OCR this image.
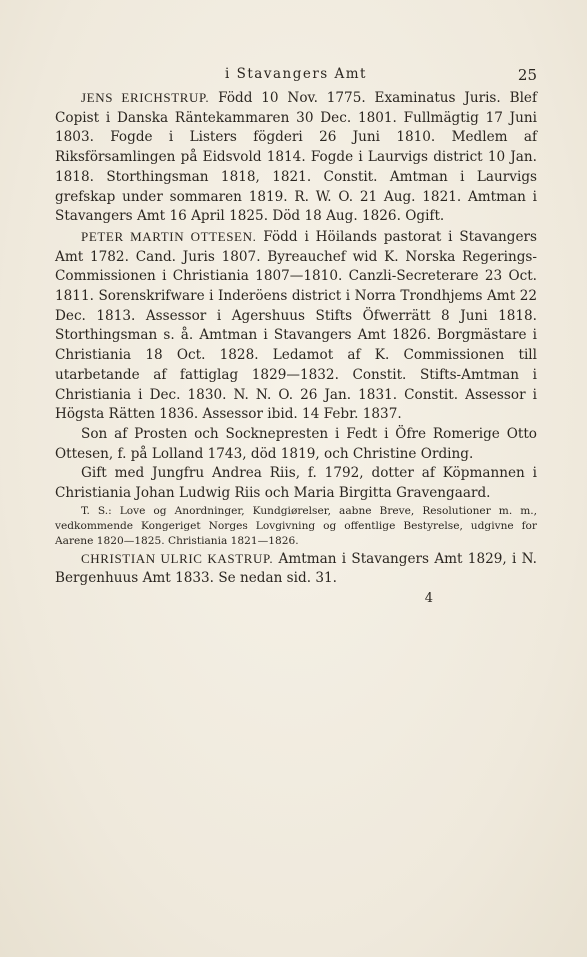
i Stavangers Amt	25

JENS ERICHSTRUP. Född 10 Nov. 1775. Examinatus Juris. Blef Copist i Danska Räntekammaren 30 Dec. 1801. Fullmägtig 17 Juni 1803. Fogde i Listers fögderi 26 Juni 1810. Medlem af Riksförsamlingen på Eidsvold 1814. Fogde i Laurvigs district 10 Jan. 1818. Storthingsman 1818, 1821. Constit. Amtman i Laurvigs grefskap under sommaren 1819. R. W. O. 21 Aug. 1821. Amtman i Stavangers Amt 16 April 1825. Död 18 Aug. 1826. Ogift.

PETER MARTIN OTTESEN. Född i Höilands pastorat i Stavangers Amt 1782. Cand. Juris 1807. Byreauchef wid K. Norska Regerings-Commissionen i Christiania 1807—1810. Canzli-Secreterare 23 Oct. 1811. Sorenskrifware i Inderöens district i Norra Trondhjems Amt 22 Dec. 1813. Assessor i Agershuus Stifts Öfwerrätt 8 Juni 1818. Storthingsman s. å. Amtman i Stavangers Amt 1826. Borgmästare i Christiania 18 Oct. 1828. Ledamot af K. Commissionen till utarbetande af fattiglag 1829—1832. Constit. Stifts-Amtman i Christiania i Dec. 1830. N. N. O. 26 Jan. 1831. Constit. Assessor i Högsta Rätten 1836. Assessor ibid. 14 Febr. 1837.

Son af Prosten och Socknepresten i Fedt i Öfre Romerige Otto Ottesen, f. på Lolland 1743, död 1819, och Christine Ording.

Gift med Jungfru Andrea Riis, f. 1792, dotter af Köpmannen i Christiania Johan Ludwig Riis och Maria Birgitta Gravengaard.

T. S.: Love og Anordninger, Kundgiørelser, aabne Breve, Resolutioner m. m., vedkommende Kongeriget Norges Lovgivning og offentlige Bestyrelse, udgivne for Aarene 1820—1825. Christiania 1821—1826.

CHRISTIAN ULRIC KASTRUP. Amtman i Stavangers Amt 1829, i N. Bergenhuus Amt 1833. Se nedan sid. 31.

4
